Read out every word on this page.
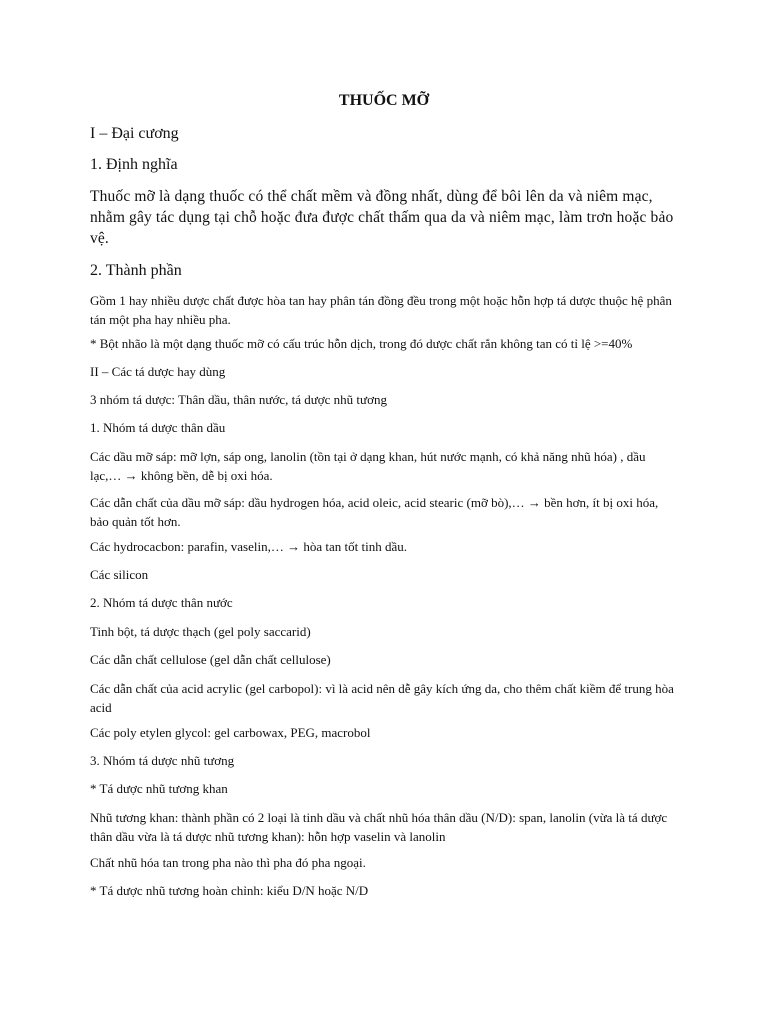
THUỐC MỠ
I – Đại cương
1. Định nghĩa
Thuốc mỡ là dạng thuốc có thể chất mềm và đồng nhất, dùng để bôi lên da và niêm mạc, nhằm gây tác dụng tại chỗ hoặc đưa được chất thấm qua da và niêm mạc, làm trơn hoặc bảo vệ.
2. Thành phần
Gồm 1 hay nhiều dược chất được hòa tan hay phân tán đồng đều trong một hoặc hỗn hợp tá dược thuộc hệ phân tán một pha hay nhiều pha.
* Bột nhão là một dạng thuốc mỡ có cấu trúc hỗn dịch, trong đó dược chất rắn không tan có tỉ lệ >=40%
II – Các tá dược hay dùng
3 nhóm tá dược: Thân dầu, thân nước, tá dược nhũ tương
1. Nhóm tá dược thân dầu
Các dầu mỡ sáp: mỡ lợn, sáp ong, lanolin (tồn tại ở dạng khan, hút nước mạnh, có khả năng nhũ hóa) , dầu lạc,… → không bền, dễ bị oxi hóa.
Các dẫn chất của dầu mỡ sáp: dầu hydrogen hóa, acid oleic, acid stearic (mỡ bò),… → bền hơn, ít bị oxi hóa, bảo quản tốt hơn.
Các hydrocacbon: parafin, vaselin,… → hòa tan tốt tinh dầu.
Các silicon
2. Nhóm tá dược thân nước
Tinh bột, tá dược thạch (gel poly saccarid)
Các dẫn chất cellulose (gel dẫn chất cellulose)
Các dẫn chất của acid acrylic (gel carbopol): vì là acid nên dễ gây kích ứng da, cho thêm chất kiềm để trung hòa acid
Các poly etylen glycol: gel carbowax, PEG, macrobol
3. Nhóm tá dược nhũ tương
* Tá dược nhũ tương khan
Nhũ tương khan: thành phần có 2 loại là tinh dầu và chất nhũ hóa thân dầu (N/D): span, lanolin (vừa là tá dược thân dầu vừa là tá dược nhũ tương khan): hỗn hợp vaselin và lanolin
Chất nhũ hóa tan trong pha nào thì pha đó pha ngoại.
* Tá dược nhũ tương hoàn chỉnh: kiểu D/N hoặc N/D
